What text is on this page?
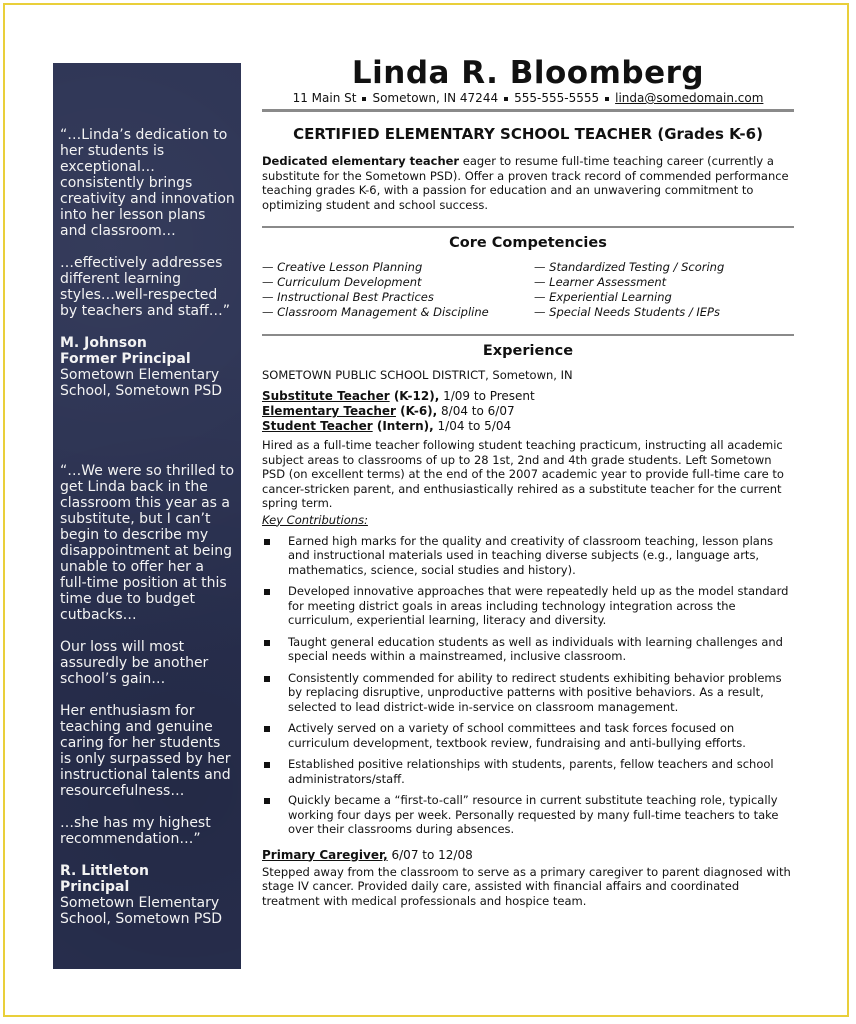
“…Linda’s dedication to her students is exceptional… consistently brings creativity and innovation into her lesson plans and classroom…

…effectively addresses different learning styles…well-respected by teachers and staff…”

M. Johnson
Former Principal
Sometown Elementary School, Sometown PSD

“…We were so thrilled to get Linda back in the classroom this year as a substitute, but I can’t begin to describe my disappointment at being unable to offer her a full-time position at this time due to budget cutbacks…

Our loss will most assuredly be another school’s gain…

Her enthusiasm for teaching and genuine caring for her students is only surpassed by her instructional talents and resourcefulness…

…she has my highest recommendation…”

R. Littleton
Principal
Sometown Elementary School, Sometown PSD
Linda R. Bloomberg
11 Main St Sometown, IN 47244 555-555-5555 linda@somedomain.com
CERTIFIED ELEMENTARY SCHOOL TEACHER (Grades K-6)

Dedicated elementary teacher eager to resume full-time teaching career (currently a substitute for the Sometown PSD). Offer a proven track record of commended performance teaching grades K-6, with a passion for education and an unwavering commitment to optimizing student and school success.

Core Competencies
— Creative Lesson Planning	— Standardized Testing / Scoring
— Curriculum Development	— Learner Assessment
— Instructional Best Practices	— Experiential Learning
— Classroom Management & Discipline	— Special Needs Students / IEPs
Experience
SOMETOWN PUBLIC SCHOOL DISTRICT, Sometown, IN
Substitute Teacher (K-12), 1/09 to Present
Elementary Teacher (K-6), 8/04 to 6/07
Student Teacher (Intern), 1/04 to 5/04

Hired as a full-time teacher following student teaching practicum, instructing all academic subject areas to classrooms of up to 28 1st, 2nd and 4th grade students. Left Sometown PSD (on excellent terms) at the end of the 2007 academic year to provide full-time care to cancer-stricken parent, and enthusiastically rehired as a substitute teacher for the current spring term.

Key Contributions:
Earned high marks for the quality and creativity of classroom teaching, lesson plans and instructional materials used in teaching diverse subjects (e.g., language arts, mathematics, science, social studies and history).
Developed innovative approaches that were repeatedly held up as the model standard for meeting district goals in areas including technology integration across the curriculum, experiential learning, literacy and diversity.
Taught general education students as well as individuals with learning challenges and special needs within a mainstreamed, inclusive classroom.
Consistently commended for ability to redirect students exhibiting behavior problems by replacing disruptive, unproductive patterns with positive behaviors. As a result, selected to lead district-wide in-service on classroom management.
Actively served on a variety of school committees and task forces focused on curriculum development, textbook review, fundraising and anti-bullying efforts.
Established positive relationships with students, parents, fellow teachers and school administrators/staff.
Quickly became a “first-to-call” resource in current substitute teaching role, typically working four days per week. Personally requested by many full-time teachers to take over their classrooms during absences.
Primary Caregiver, 6/07 to 12/08

Stepped away from the classroom to serve as a primary caregiver to parent diagnosed with stage IV cancer. Provided daily care, assisted with financial affairs and coordinated treatment with medical professionals and hospice team.
